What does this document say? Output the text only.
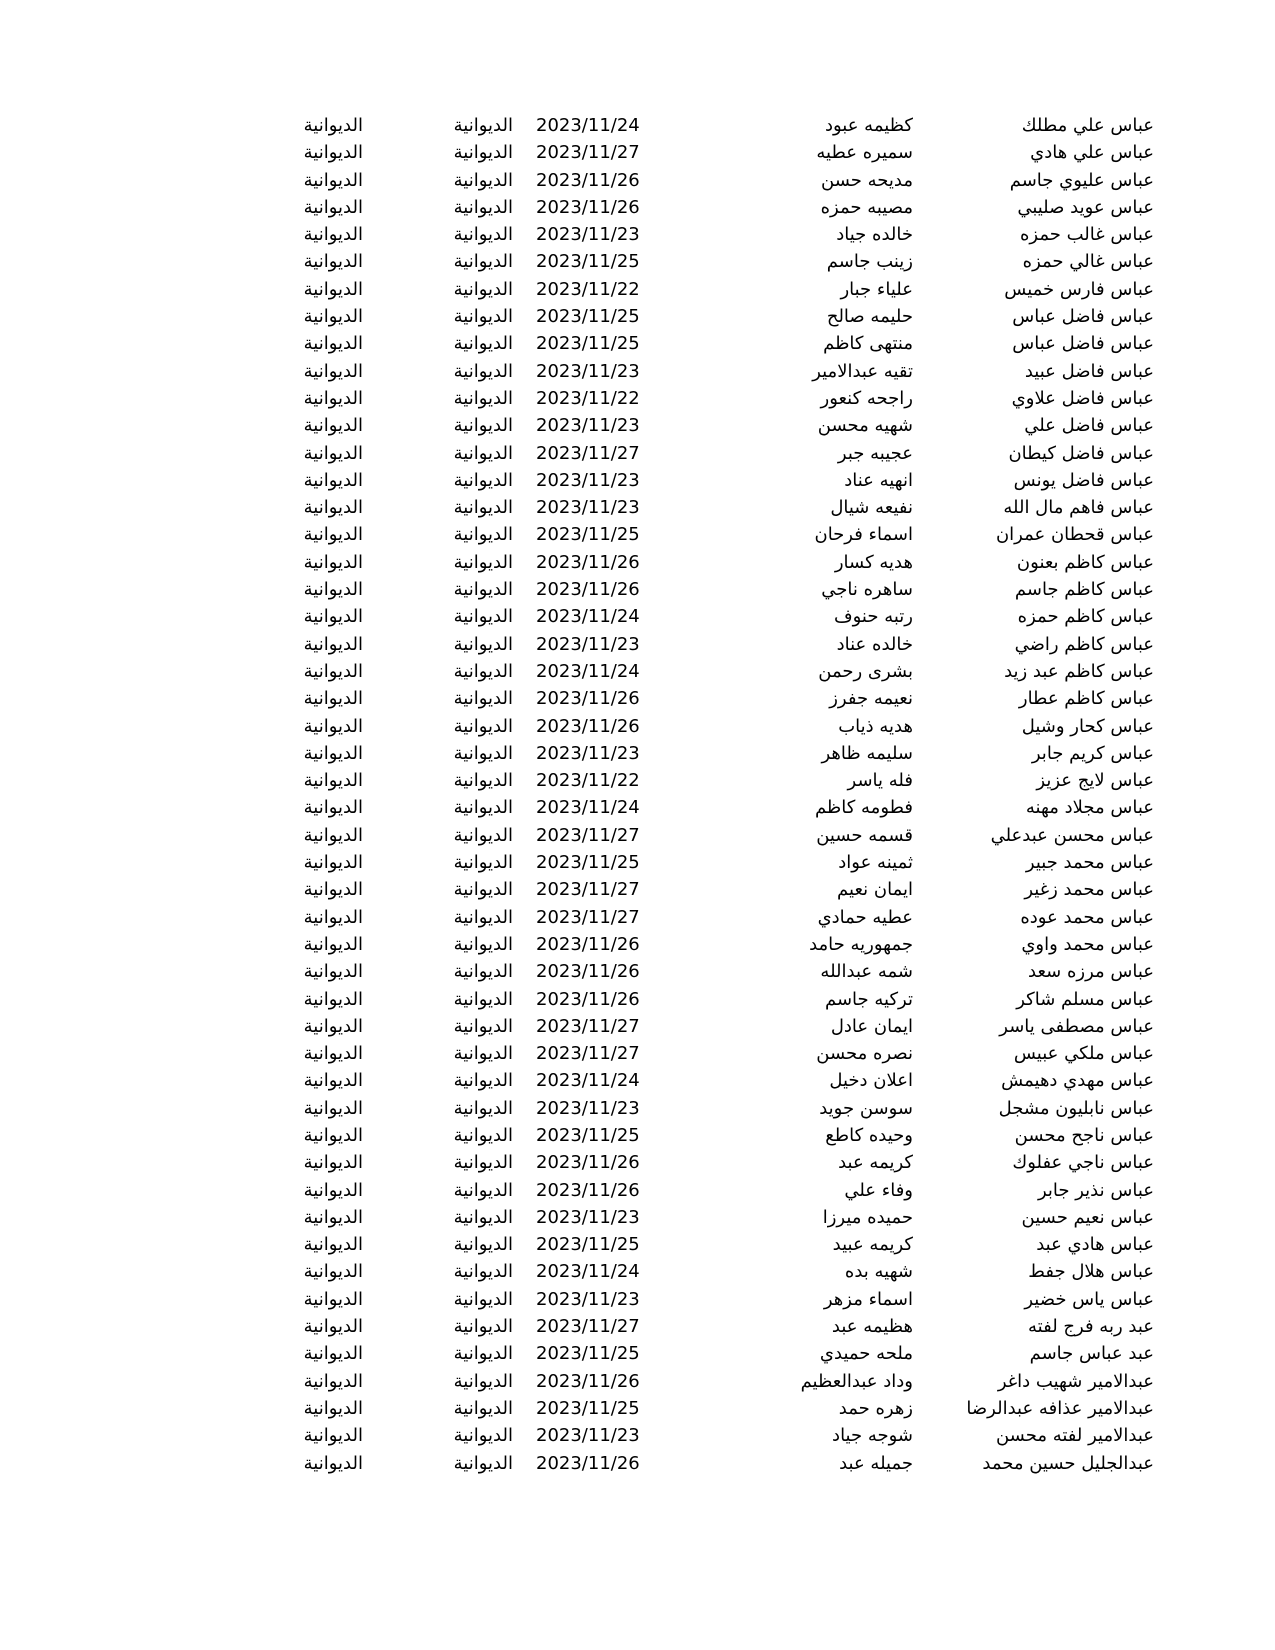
عباس علي مطلك
كظيمه عبود
2023/11/24
الديوانية
الديوانية
عباس علي هادي
سميره عطيه
2023/11/27
الديوانية
الديوانية
عباس عليوي جاسم
مديحه حسن
2023/11/26
الديوانية
الديوانية
عباس عويد صليبي
مصيبه حمزه
2023/11/26
الديوانية
الديوانية
عباس غالب حمزه
خالده جياد
2023/11/23
الديوانية
الديوانية
عباس غالي حمزه
زينب جاسم
2023/11/25
الديوانية
الديوانية
عباس فارس خميس
علياء جبار
2023/11/22
الديوانية
الديوانية
عباس فاضل عباس
حليمه صالح
2023/11/25
الديوانية
الديوانية
عباس فاضل عباس
منتهى كاظم
2023/11/25
الديوانية
الديوانية
عباس فاضل عبيد
تقيه عبدالامير
2023/11/23
الديوانية
الديوانية
عباس فاضل علاوي
راجحه كنعور
2023/11/22
الديوانية
الديوانية
عباس فاضل علي
شهيه محسن
2023/11/23
الديوانية
الديوانية
عباس فاضل كيطان
عجيبه جبر
2023/11/27
الديوانية
الديوانية
عباس فاضل يونس
انهيه عناد
2023/11/23
الديوانية
الديوانية
عباس فاهم مال الله
نفيعه شيال
2023/11/23
الديوانية
الديوانية
عباس قحطان عمران
اسماء فرحان
2023/11/25
الديوانية
الديوانية
عباس كاظم بعنون
هديه كسار
2023/11/26
الديوانية
الديوانية
عباس كاظم جاسم
ساهره ناجي
2023/11/26
الديوانية
الديوانية
عباس كاظم حمزه
رتبه حنوف
2023/11/24
الديوانية
الديوانية
عباس كاظم راضي
خالده عناد
2023/11/23
الديوانية
الديوانية
عباس كاظم عبد زيد
بشرى رحمن
2023/11/24
الديوانية
الديوانية
عباس كاظم عطار
نعيمه جفرز
2023/11/26
الديوانية
الديوانية
عباس كحار وشيل
هديه ذياب
2023/11/26
الديوانية
الديوانية
عباس كريم جابر
سليمه ظاهر
2023/11/23
الديوانية
الديوانية
عباس لايج عزيز
فله ياسر
2023/11/22
الديوانية
الديوانية
عباس مجلاد مهنه
فطومه كاظم
2023/11/24
الديوانية
الديوانية
عباس محسن عبدعلي
قسمه حسين
2023/11/27
الديوانية
الديوانية
عباس محمد جبير
ثمينه عواد
2023/11/25
الديوانية
الديوانية
عباس محمد زغير
ايمان نعيم
2023/11/27
الديوانية
الديوانية
عباس محمد عوده
عطيه حمادي
2023/11/27
الديوانية
الديوانية
عباس محمد واوي
جمهوريه حامد
2023/11/26
الديوانية
الديوانية
عباس مرزه سعد
شمه عبدالله
2023/11/26
الديوانية
الديوانية
عباس مسلم شاكر
تركيه جاسم
2023/11/26
الديوانية
الديوانية
عباس مصطفى ياسر
ايمان عادل
2023/11/27
الديوانية
الديوانية
عباس ملكي عبيس
نصره محسن
2023/11/27
الديوانية
الديوانية
عباس مهدي دهيمش
اعلان دخيل
2023/11/24
الديوانية
الديوانية
عباس نابليون مشجل
سوسن جويد
2023/11/23
الديوانية
الديوانية
عباس ناجح محسن
وحيده كاطع
2023/11/25
الديوانية
الديوانية
عباس ناجي عفلوك
كريمه عبد
2023/11/26
الديوانية
الديوانية
عباس نذير جابر
وفاء علي
2023/11/26
الديوانية
الديوانية
عباس نعيم حسين
حميده ميرزا
2023/11/23
الديوانية
الديوانية
عباس هادي عبد
كريمه عبيد
2023/11/25
الديوانية
الديوانية
عباس هلال جفط
شهيه بده
2023/11/24
الديوانية
الديوانية
عباس ياس خضير
اسماء مزهر
2023/11/23
الديوانية
الديوانية
عبد ربه فرج لفته
هظيمه عبد
2023/11/27
الديوانية
الديوانية
عبد عباس جاسم
ملحه حميدي
2023/11/25
الديوانية
الديوانية
عبدالامير شهيب داغر
وداد عبدالعظيم
2023/11/26
الديوانية
الديوانية
عبدالامير عذافه عبدالرضا
زهره حمد
2023/11/25
الديوانية
الديوانية
عبدالامير لفته محسن
شوجه جياد
2023/11/23
الديوانية
الديوانية
عبدالجليل حسين محمد
جميله عبد
2023/11/26
الديوانية
الديوانية
